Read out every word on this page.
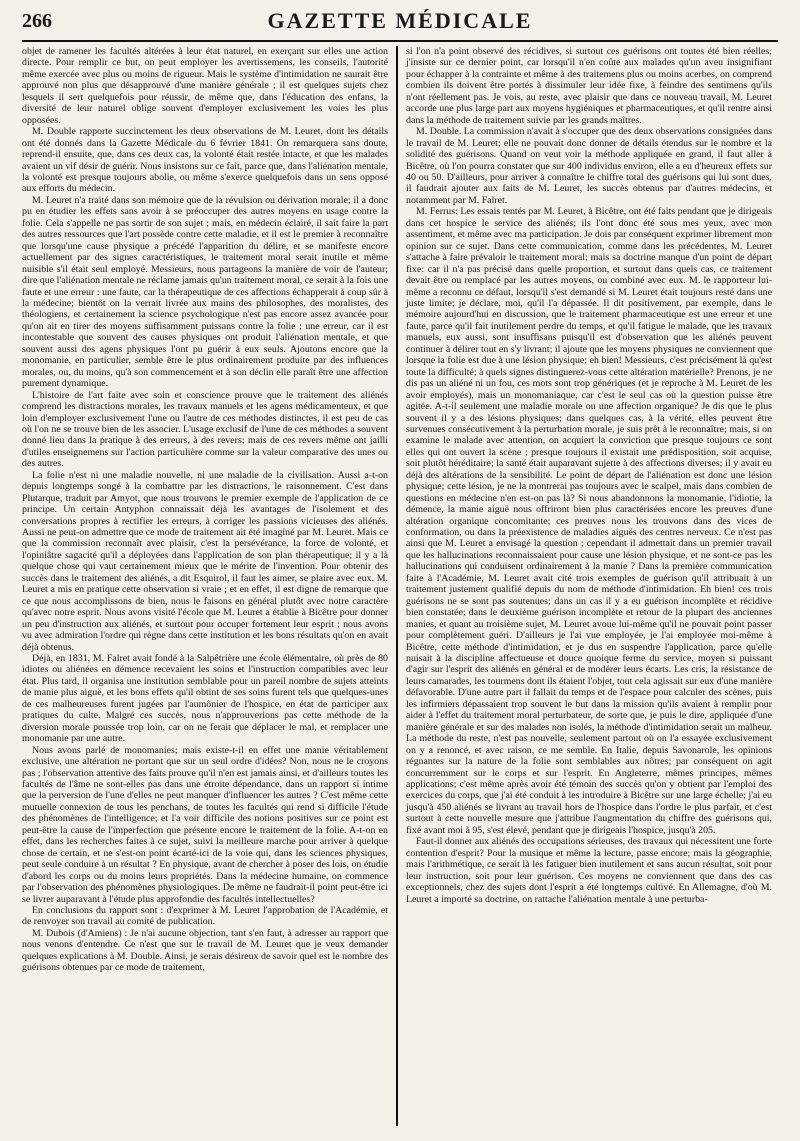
266	GAZETTE MÉDICALE

objet de ramener les facultés altérées à leur état naturel, en exerçant sur elles une action directe. Pour remplir ce but, on peut employer les avertissemens, les conseils, l'autorité même exercée avec plus ou moins de rigueur. Mais le système d'intimidation ne saurait être approuvé non plus que désapprouvé d'une manière générale ; il est quelques sujets chez lesquels il sert quelquefois pour réussir, de même que, dans l'éducation des enfans, la diversité de leur naturel oblige souvent d'employer exclusivement les voies les plus opposées.

M. Double rapporte succinctement les deux observations de M. Leuret, dont les détails ont été donnés dans la Gazette Médicale du 6 février 1841. On remarquera sans doute, reprend-il ensuite, que, dans ces deux cas, la volonté était restée intacte, et que les malades avaient un vif désir de guérir. Nous insistons sur ce fait, parce que, dans l'aliénation mentale, la volonté est presque toujours abolie, ou même s'exerce quelquefois dans un sens opposé aux efforts du médecin.

M. Leuret n'a traité dans son mémoire que de la révulsion ou dérivation morale; il a donc pu en étudier les effets sans avoir à se préoccuper des autres moyens en usage contre la folie. Cela s'appelle ne pas sortir de son sujet ; mais, en médecin éclairé, il sait faire la part des autres ressources que l'art possède contre cette maladie, et il est le premier à reconnaître que lorsqu'une cause physique a précédé l'apparition du délire, et se manifeste encore actuellement par des signes caractéristiques, le traitement moral serait inutile et même nuisible s'il était seul employé. Messieurs, nous partageons la manière de voir de l'auteur; dire que l'aliénation mentale ne réclame jamais qu'un traitement moral, ce serait à la fois une faute et une erreur : une faute, car la thérapeutique de ces affections échapperait à coup sûr à la médecine; bientôt on la verrait livrée aux mains des philosophes, des moralistes, des théologiens, et certainement la science psychologique n'est pas encore assez avancée pour qu'on ait en tirer des moyens suffisamment puissans contre la folie ; une erreur, car il est incontestable que souvent des causes physiques ont produit l'aliénation mentale, et que souvent aussi des agens physiques l'ont pu guérir à eux seuls. Ajoutons encore que la monomanie, en particulier, semble être le plus ordinairement produite par des influences morales, ou, du moins, qu'à son commencement et à son déclin elle paraît être une affection purement dynamique.

L'histoire de l'art faite avec soin et conscience prouve que le traitement des aliénés comprend les distractions morales, les travaux manuels et les agens médicamenteux, et que loin d'employer exclusivement l'une ou l'autre de ces méthodes distinctes, il est peu de cas où l'on ne se trouve bien de les associer. L'usage exclusif de l'une de ces méthodes a souvent donné lieu dans la pratique à des erreurs, à des revers; mais de ces revers même ont jailli d'utiles enseignemens sur l'action particulière comme sur la valeur comparative des unes ou des autres.

La folie n'est ni une maladie nouvelle, ni une maladie de la civilisation. Aussi a-t-on depuis longtemps songé à la combattre par les distractions, le raisonnement. C'est dans Plutarque, traduit par Amyot, que nous trouvons le premier exemple de l'application de ce principe. Un certain Antyphon connaissait déjà les avantages de l'isolement et des conversations propres à rectifier les erreurs, à corriger les passions vicieuses des aliénés. Aussi ne peut-on admettre que ce mode de traitement ait été imaginé par M. Leuret. Mais ce que la commission reconnaît avec plaisir, c'est la persévérance, la force de volonté, et l'opiniâtre sagacité qu'il a déployées dans l'application de son plan thérapeutique; il y a là quelque chose qui vaut certainement mieux que le mérite de l'invention. Pour obtenir des succès dans le traitement des aliénés, a dit Esquirol, il faut les aimer, se plaire avec eux. M. Leuret a mis en pratique cette observation si vraie ; et en effet, il est digne de remarque que ce que nous accomplissons de bien, nous le faisons en général plutôt avec notre caractère qu'avec notre esprit. Nous avons visité l'école que M. Leuret a établie à Bicêtre pour donner un peu d'instruction aux aliénés, et surtout pour occuper fortement leur esprit ; nous avons vu avec admiration l'ordre qui règne dans cette institution et les bons résultats qu'on en avait déjà obtenus.

Déjà, en 1831, M. Falret avait fondé à la Salpêtrière une école élémentaire, où près de 80 idiotes ou aliénées en démence recevaient les soins et l'instruction compatibles avec leur état. Plus tard, il organisa une institution semblable pour un pareil nombre de sujets atteints de manie plus aiguë, et les bons effets qu'il obtint de ses soins furent tels que quelques-unes de ces malheureuses furent jugées par l'aumônier de l'hospice, en état de participer aux pratiques du culte. Malgré ces succès, nous n'approuverions pas cette méthode de la diversion morale poussée trop loin, car on ne ferait que déplacer le mal, et remplacer une monomanie par une autre.

Nous avons parlé de monomanies; mais existe-t-il en effet une manie véritablement exclusive, une altération ne portant que sur un seul ordre d'idées? Non, nous ne le croyons pas ; l'observation attentive des faits prouve qu'il n'en est jamais ainsi, et d'ailleurs toutes les facultés de l'âme ne sont-elles pas dans une étroite dépendance, dans un rapport si intime que la perversion de l'une d'elles ne peut manquer d'influencer les autres ? C'est même cette mutuelle connexion de tous les penchans, de toutes les facultés qui rend si difficile l'étude des phénomènes de l'intelligence; et l'a voir difficile des notions positives sur ce point est peut-être la cause de l'imperfection que présente encore le traitement de la folie. A-t-on en effet, dans les recherches faites à ce sujet, suivi la meilleure marche pour arriver à quelque chose de certain, et ne s'est-on point écarté-ici de la voie qui, dans les sciences physiques, peut seule conduire à un résultat ? En physique, avant de chercher à poser des lois, on étudie d'abord les corps ou du moins leurs propriétés. Dans la médecine humaine, on commence par l'observation des phénomènes physiologiques. De même ne faudrait-il point peut-être ici se livrer auparavant à l'étude plus approfondie des facultés intellectuelles?

En conclusions du rapport sont : d'exprimer à M. Leuret l'approbation de l'Académie, et de renvoyer son travail au comité de publication.

M. Dubois (d'Amiens) : Je n'ai aucune objection, tant s'en faut, à adresser au rapport que nous venons d'entendre. Ce n'est que sur le travail de M. Leuret que je veux demander quelques explications à M. Double. Ainsi, je serais désireux de savoir quel est le nombre des guérisons obtenues par ce mode de traitement,

si l'on n'a point observé des récidives, si surtout ces guérisons ont toutes été bien réelles; j'insiste sur ce dernier point, car lorsqu'il n'en coûte aux malades qu'un aveu insignifiant pour échapper à la contrainte et même à des traitemens plus ou moins acerbes, on comprend combien ils doivent être portés à dissimuler leur idée fixe, à feindre des sentimens qu'ils n'ont réellement pas. Je vois, au reste, avec plaisir que dans ce nouveau travail, M. Leuret accorde une plus large part aux moyens hygiéniques et pharmaceutiques, et qu'il rentre ainsi dans la méthode de traitement suivie par les grands maîtres.

M. Double. La commission n'avait à s'occuper que des deux observations consignées dans le travail de M. Leuret; elle ne pouvait donc donner de détails étendus sur le nombre et la solidité des guérisons. Quand on veut voir la méthode appliquée en grand, il faut aller à Bicêtre, où l'on pourra constater que sur 400 individus environ, elle a eu d'heureux effets sur 40 ou 50. D'ailleurs, pour arriver à connaître le chiffre total des guérisons qui lui sont dues, il faudrait ajouter aux faits de M. Leuret, les succès obtenus par d'autres médecins, et notamment par M. Falret.

M. Ferrus: Les essais tentés par M. Leuret, à Bicêtre, ont été faits pendant que je dirigeais dans cet hospice le service des aliénés; ils l'ont donc été sous mes yeux, avec mon assentiment, et même avec ma participation. Je dois par conséquent exprimer librement mon opinion sur ce sujet. Dans cette communication, comme dans les précédentes, M. Leuret s'attache à faire prévaloir le traitement moral; mais sa doctrine manque d'un point de départ fixe: car il n'a pas précisé dans quelle proportion, et surtout dans quels cas, ce traitement devait être ou remplacé par les autres moyens, ou combiné avec eux. M. le rapporteur lui-même a reconnu ce défaut, lorsqu'il s'est demandé si M. Leuret était toujours resté dans une juste limite; je déclare, moi, qu'il l'a dépassée. Il dit positivement, par exemple, dans le mémoire aujourd'hui en discussion, que le traitement pharmaceutique est une erreur et une faute, parce qu'il fait inutilement perdre du temps, et qu'il fatigue le malade, que les travaux manuels, eux aussi, sont insuffisans puisqu'il est d'observation que les aliénés peuvent continuer à délirer tout en s'y livrant; il ajoute que les moyens physiques ne conviennent que lorsque la folie est due à une lésion physique; eh bien! Messieurs, c'est précisément là qu'est toute la difficulté; à quels signes distinguerez-vous cette altération matérielle? Prenons, je ne dis pas un aliéné ni un fou, ces mots sont trop génériques (et je reproche à M. Leuret de les avoir employés), mais un monomaniaque, car c'est le seul cas où la question puisse être agitée. A-t-il seulement une maladie morale ou une affection organique? Je dis que le plus souvent il y a des lésions physiques; dans quelques cas, à la vérité, elles peuvent être survenues consécutivement à la perturbation morale, je suis prêt à le reconnaître; mais, si on examine le malade avec attention, on acquiert la conviction que presque toujours ce sont elles qui ont ouvert la scène ; presque toujours il existait une prédisposition, soit acquise, soit plutôt héréditaire; la santé était auparavant sujette à des affections diverses; il y avait eu déjà des altérations de la sensibilité. Le point de départ de l'aliénation est donc une lésion physique; cette lésion, je ne la montrerai pas toujours avec le scalpel, mais dans combien de questions en médecine n'en est-on pas là? Si nous abandonnons la monomanie, l'idiotie, la démence, la manie aiguë nous offriront bien plus caractérisées encore les preuves d'une altération organique concomitante; ces preuves nous les trouvons dans des vices de conformation, ou dans la préexistence de maladies aiguës des centres nerveux. Ce n'est pas ainsi que M. Leuret a envisagé la question ; cependant il admettait dans un premier travail que les hallucinations reconnaissaient pour cause une lésion physique, et ne sont-ce pas les hallucinations qui conduisent ordinairement à la manie ? Dans la première communication faite à l'Académie, M. Leuret avait cité trois exemples de guérison qu'il attribuait à un traitement justement qualifié depuis du nom de méthode d'intimidation. Eh bien! ces trois guérisons ne se sont pas soutenues; dans un cas il y a eu guérison incomplète et récidive bien constatée; dans le deuxième guérison incomplète et retour de la plupart des anciennes manies, et quant au troisième sujet, M. Leuret avoue lui-même qu'il ne pouvait point passer pour complètement guéri. D'ailleurs je l'ai vue employée, je l'ai employée moi-même à Bicêtre, cette méthode d'intimidation, et je dus en suspendre l'application, parce qu'elle nuisait à la discipline affectueuse et douce quoique ferme du service, moyen si puissant d'agir sur l'esprit des aliénés en général et de modérer leurs écarts. Les cris, la résistance de leurs camarades, les tourmens dont ils étaient l'objet, tout cela agissait sur eux d'une manière défavorable. D'une autre part il fallait du temps et de l'espace pour calculer des scènes, puis les infirmiers dépassaient trop souvent le but dans la mission qu'ils avaient à remplir pour aider à l'effet du traitement moral perturbateur, de sorte que, je puis le dire, appliquée d'une manière générale et sur des malades non isolés, la méthode d'intimidation serait un malheur. La méthode du reste, n'est pas nouvelle, seulement partout où on l'a essayée exclusivement on y a renoncé, et avec raison, ce me semble. En Italie, depuis Savonarole, les opinions régnantes sur la nature de la folie sont semblables aux nôtres; par conséquent on agit concurremment sur le corps et sur l'esprit. En Angleterre, mêmes principes, mêmes applications; c'est même après avoir été témoin des succès qu'on y obtient par l'emploi des exercices du corps, que j'ai été conduit à les introduire à Bicêtre sur une large échelle; j'ai eu jusqu'à 450 aliénés se livrant au travail hors de l'hospice dans l'ordre le plus parfait, et c'est surtout à cette nouvelle mesure que j'attribue l'augmentation du chiffre des guérisons qui, fixé avant moi à 95, s'est élevé, pendant que je dirigeais l'hospice, jusqu'à 205.

Faut-il donner aux aliénés des occupations sérieuses, des travaux qui nécessitent une forte contention d'esprit? Pour la musique et même la lecture, passe encore; mais la géographie, mais l'arithmétique, ce serait là les fatiguer bien inutilement et sans aucun résultat, soit pour leur instruction, soit pour leur guérison. Ces moyens ne conviennent que dans des cas exceptionnels, chez des sujets dont l'esprit a été longtemps cultivé. En Allemagne, d'où M. Leuret a importé sa doctrine, on rattache l'aliénation mentale à une perturba-
